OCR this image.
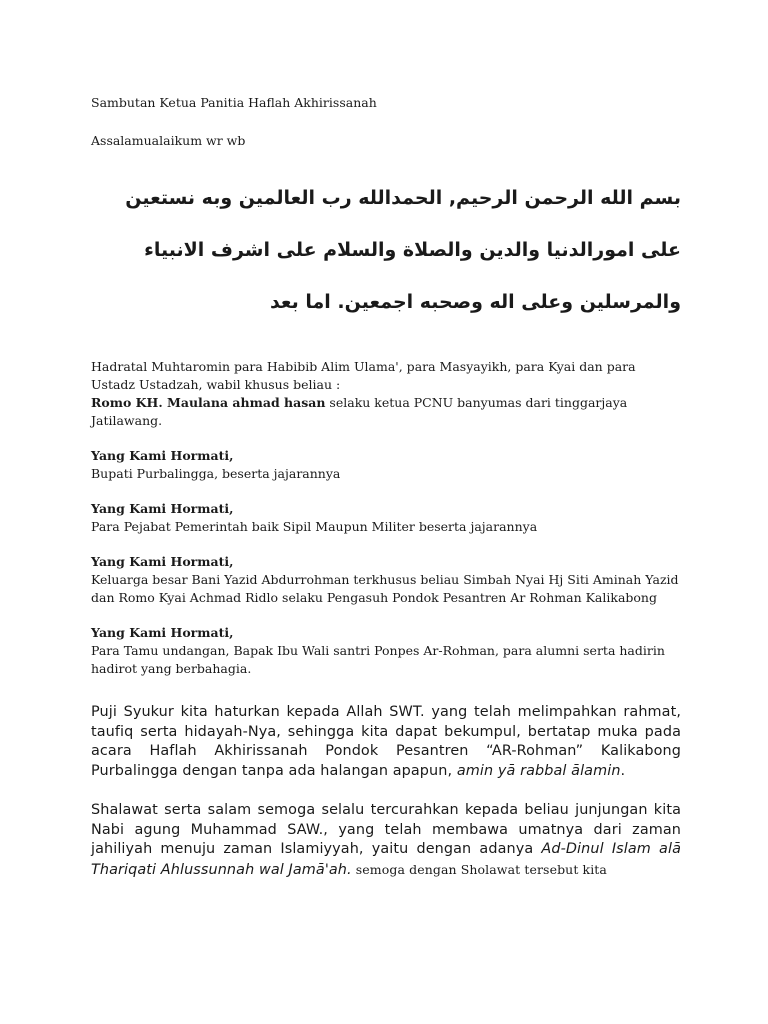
Sambutan Ketua Panitia Haflah Akhirissanah

Assalamualaikum wr wb

بسم الله الرحمن الرحيم, الحمدالله رب العالمين وبه نستعين
على امورالدنيا والدين والصلاة والسلام على اشرف الانبياء
والمرسلين وعلى اله وصحبه اجمعين. اما بعد
Hadratal Muhtaromin para Habibib Alim Ulama', para Masyayikh, para Kyai dan para Ustadz Ustadzah, wabil khusus beliau :
Romo KH. Maulana ahmad hasan selaku ketua PCNU banyumas dari tinggarjaya Jatilawang.
Yang Kami Hormati,
Bupati Purbalingga, beserta jajarannya
Yang Kami Hormati,
Para Pejabat Pemerintah baik Sipil Maupun Militer beserta jajarannya
Yang Kami Hormati,
Keluarga besar Bani Yazid Abdurrohman terkhusus beliau Simbah Nyai Hj Siti Aminah Yazid dan Romo Kyai Achmad Ridlo selaku Pengasuh Pondok Pesantren Ar Rohman Kalikabong
Yang Kami Hormati,
Para Tamu undangan, Bapak Ibu Wali santri Ponpes Ar-Rohman, para alumni serta hadirin hadirot yang berbahagia.

Puji Syukur kita haturkan kepada Allah SWT. yang telah melimpahkan rahmat, taufiq serta hidayah-Nya, sehingga kita dapat bekumpul, bertatap muka pada acara Haflah Akhirissanah Pondok Pesantren “AR-Rohman” Kalikabong Purbalingga dengan tanpa ada halangan apapun, amin yā rabbal ālamin.

Shalawat serta salam semoga selalu tercurahkan kepada beliau junjungan kita Nabi agung Muhammad SAW., yang telah membawa umatnya dari zaman jahiliyah menuju zaman Islamiyyah, yaitu dengan adanya Ad-Dinul Islam alā Thariqati Ahlussunnah wal Jamā'ah. semoga dengan Sholawat tersebut kita
